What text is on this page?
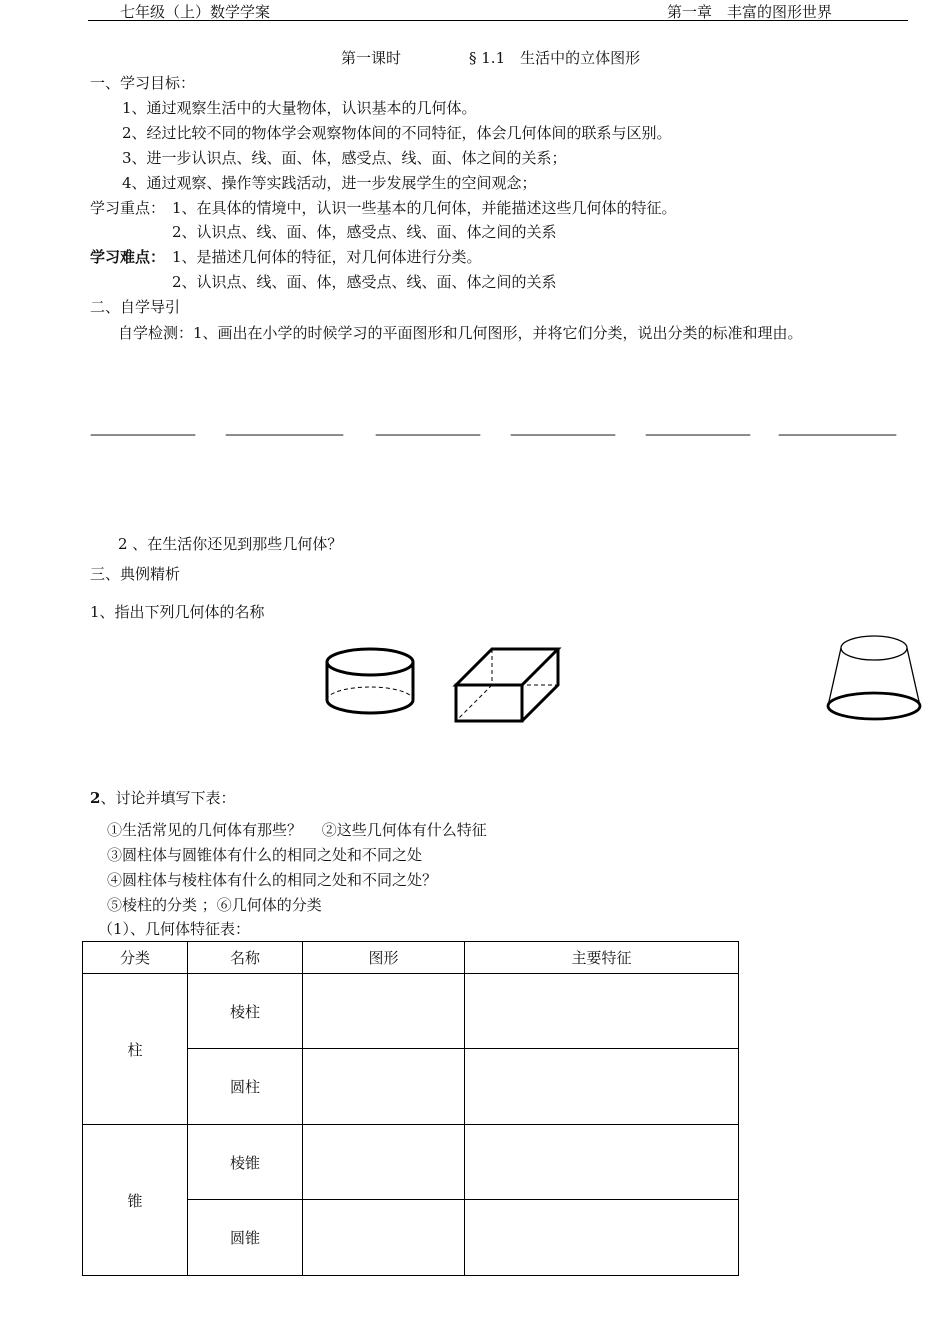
七年级（上）数学学案	第一章　丰富的图形世界
第一课时	§ 1.1　生活中的立体图形
一、学习目标：
1、通过观察生活中的大量物体，认识基本的几何体。
2、经过比较不同的物体学会观察物体间的不同特征，体会几何体间的联系与区别。
3、进一步认识点、线、面、体，感受点、线、面、体之间的关系；
4、通过观察、操作等实践活动，进一步发展学生的空间观念；
学习重点： 1、在具体的情境中，认识一些基本的几何体，并能描述这些几何体的特征。
2、认识点、线、面、体，感受点、线、面、体之间的关系
学习难点： 1、是描述几何体的特征，对几何体进行分类。
2、认识点、线、面、体，感受点、线、面、体之间的关系
二、自学导引
自学检测：1、画出在小学的时候学习的平面图形和几何图形，并将它们分类，说出分类的标准和理由。
———————— ————————— ———————— ———————— ———————— —————————
2 、在生活你还见到那些几何体？
三、典例精析
1、指出下列几何体的名称
2、讨论并填写下表：
①生活常见的几何体有那些？　 ②这些几何体有什么特征
③圆柱体与圆锥体有什么的相同之处和不同之处
④圆柱体与棱柱体有什么的相同之处和不同之处？
⑤棱柱的分类 ；⑥几何体的分类
（1）、几何体特征表：
分类	名称	图形	主要特征
柱	棱柱		
	圆柱		
锥	棱锥		
	圆锥		
